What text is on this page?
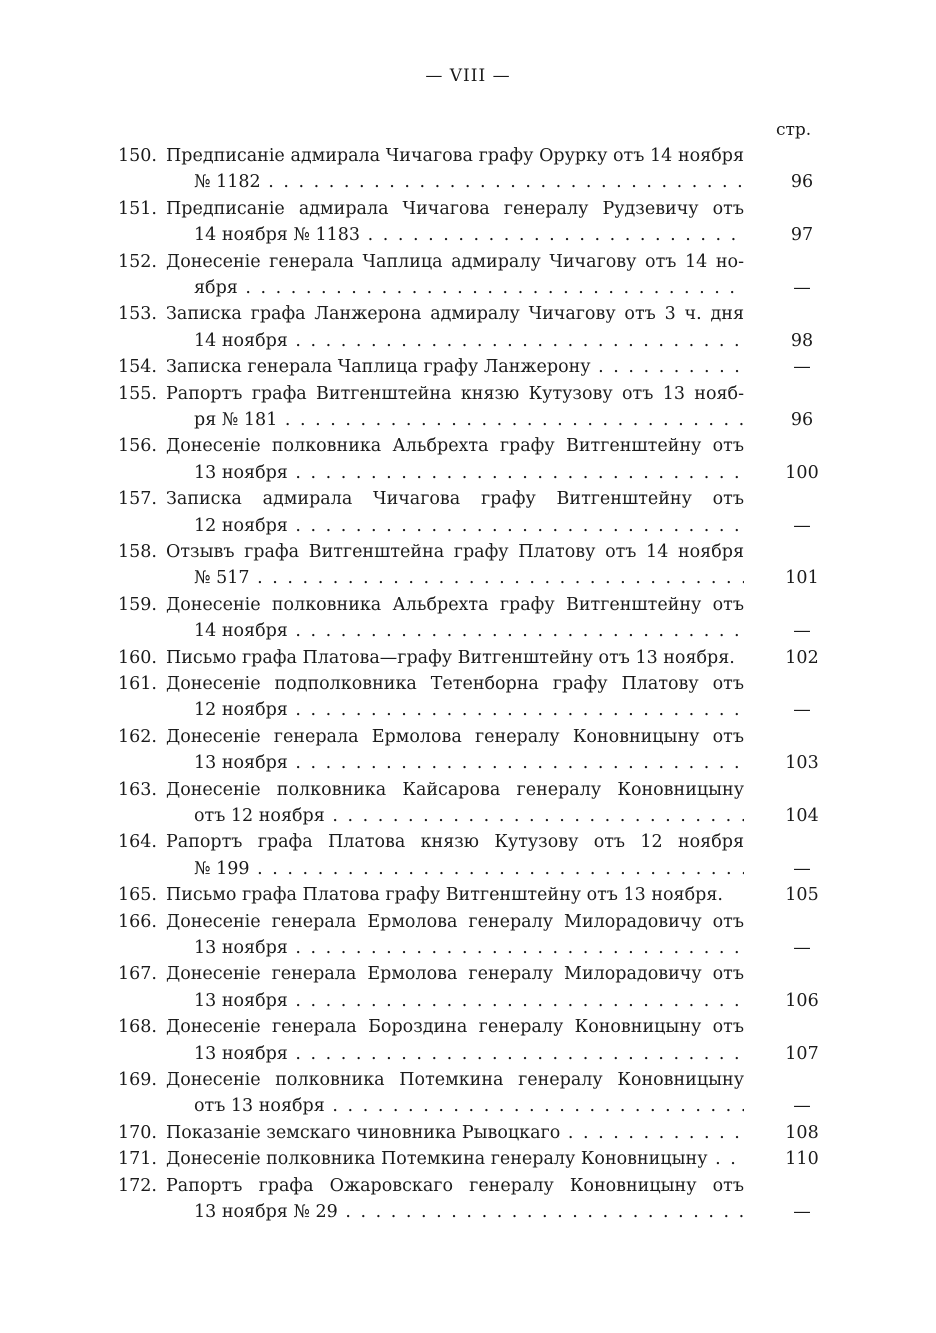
— VIII —
стр.
150. Предписаніе адмирала Чичагова графу Орурку отъ 14 ноября
№ 1182 . . .	96
151. Предписаніе адмирала Чичагова генералу Рудзевичу отъ
14 ноября № 1183 . . .	97
152. Донесеніе генерала Чаплица адмиралу Чичагову отъ 14 но-
ября . . .	—
153. Записка графа Ланжерона адмиралу Чичагову отъ 3 ч. дня
14 ноября . . .	98
154. Записка генерала Чаплица графу Ланжерону . . .	—
155. Рапортъ графа Витгенштейна князю Кутузову отъ 13 нояб-
ря № 181 . . .	96
156. Донесеніе полковника Альбрехта графу Витгенштейну отъ
13 ноября . . .	100
157. Записка адмирала Чичагова графу Витгенштейну отъ
12 ноября . . .	—
158. Отзывъ графа Витгенштейна графу Платову отъ 14 ноября
№ 517 . . .	101
159. Донесеніе полковника Альбрехта графу Витгенштейну отъ
14 ноября . . .	—
160. Письмо графа Платова—графу Витгенштейну отъ 13 ноября.	102
161. Донесеніе подполковника Тетенборна графу Платову отъ
12 ноября . . .	—
162. Донесеніе генерала Ермолова генералу Коновницыну отъ
13 ноября . . .	103
163. Донесеніе полковника Кайсарова генералу Коновницыну
отъ 12 ноября . . .	104
164. Рапортъ графа Платова князю Кутузову отъ 12 ноября
№ 199 . . .	—
165. Письмо графа Платова графу Витгенштейну отъ 13 ноября.	105
166. Донесеніе генерала Ермолова генералу Милорадовичу отъ
13 ноября . . .	—
167. Донесеніе генерала Ермолова генералу Милорадовичу отъ
13 ноября . . .	106
168. Донесеніе генерала Бороздина генералу Коновницыну отъ
13 ноября . . .	107
169. Донесеніе полковника Потемкина генералу Коновницыну
отъ 13 ноября . . .	—
170. Показаніе земскаго чиновника Рывоцкаго . . .	108
171. Донесеніе полковника Потемкина генералу Коновницыну . . .	110
172. Рапортъ графа Ожаровскаго генералу Коновницыну отъ
13 ноября № 29 . . .	—
